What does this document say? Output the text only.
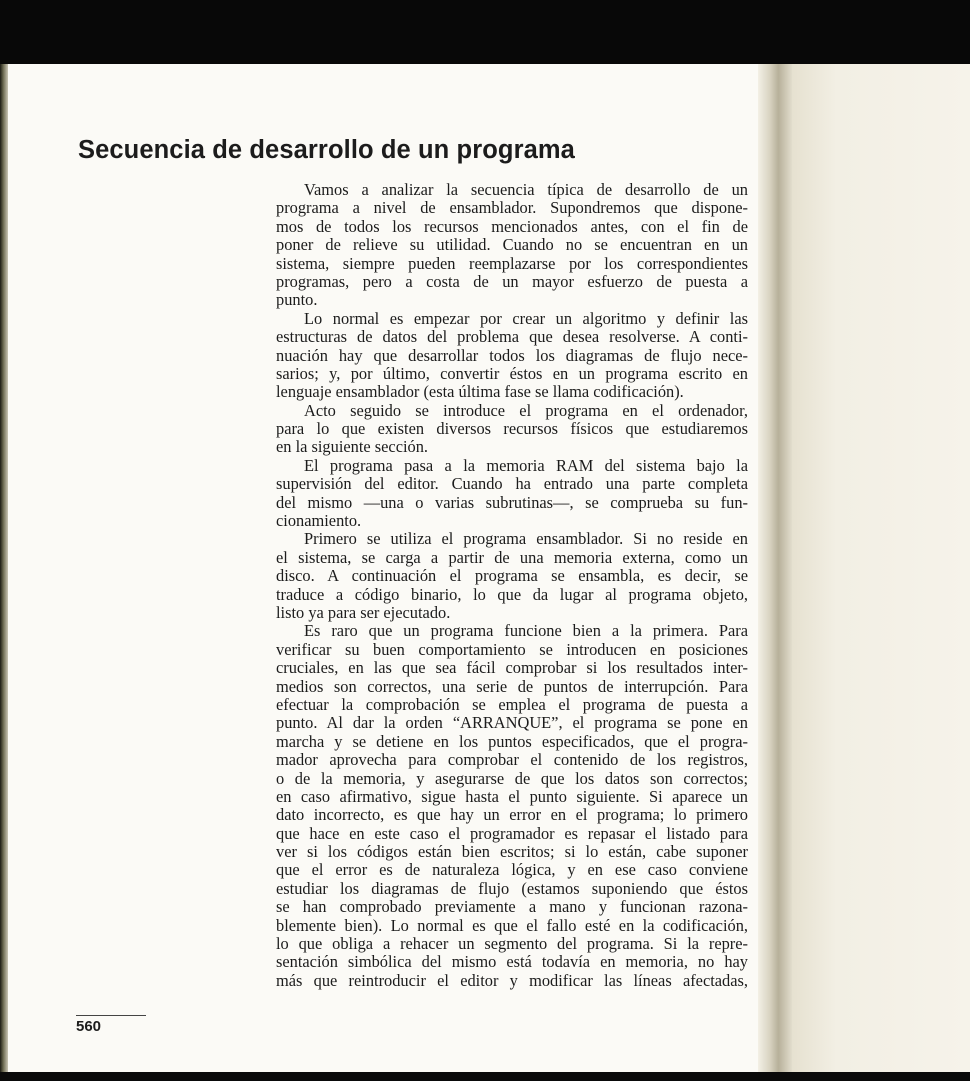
Secuencia de desarrollo de un programa
Vamos a analizar la secuencia típica de desarrollo de un
programa a nivel de ensamblador. Supondremos que dispone-
mos de todos los recursos mencionados antes, con el fin de
poner de relieve su utilidad. Cuando no se encuentran en un
sistema, siempre pueden reemplazarse por los correspondientes
programas, pero a costa de un mayor esfuerzo de puesta a
punto.
Lo normal es empezar por crear un algoritmo y definir las
estructuras de datos del problema que desea resolverse. A conti-
nuación hay que desarrollar todos los diagramas de flujo nece-
sarios; y, por último, convertir éstos en un programa escrito en
lenguaje ensamblador (esta última fase se llama codificación).
Acto seguido se introduce el programa en el ordenador,
para lo que existen diversos recursos físicos que estudiaremos
en la siguiente sección.
El programa pasa a la memoria RAM del sistema bajo la
supervisión del editor. Cuando ha entrado una parte completa
del mismo —una o varias subrutinas—, se comprueba su fun-
cionamiento.
Primero se utiliza el programa ensamblador. Si no reside en
el sistema, se carga a partir de una memoria externa, como un
disco. A continuación el programa se ensambla, es decir, se
traduce a código binario, lo que da lugar al programa objeto,
listo ya para ser ejecutado.
Es raro que un programa funcione bien a la primera. Para
verificar su buen comportamiento se introducen en posiciones
cruciales, en las que sea fácil comprobar si los resultados inter-
medios son correctos, una serie de puntos de interrupción. Para
efectuar la comprobación se emplea el programa de puesta a
punto. Al dar la orden “ARRANQUE”, el programa se pone en
marcha y se detiene en los puntos especificados, que el progra-
mador aprovecha para comprobar el contenido de los registros,
o de la memoria, y asegurarse de que los datos son correctos;
en caso afirmativo, sigue hasta el punto siguiente. Si aparece un
dato incorrecto, es que hay un error en el programa; lo primero
que hace en este caso el programador es repasar el listado para
ver si los códigos están bien escritos; si lo están, cabe suponer
que el error es de naturaleza lógica, y en ese caso conviene
estudiar los diagramas de flujo (estamos suponiendo que éstos
se han comprobado previamente a mano y funcionan razona-
blemente bien). Lo normal es que el fallo esté en la codificación,
lo que obliga a rehacer un segmento del programa. Si la repre-
sentación simbólica del mismo está todavía en memoria, no hay
más que reintroducir el editor y modificar las líneas afectadas,
560
